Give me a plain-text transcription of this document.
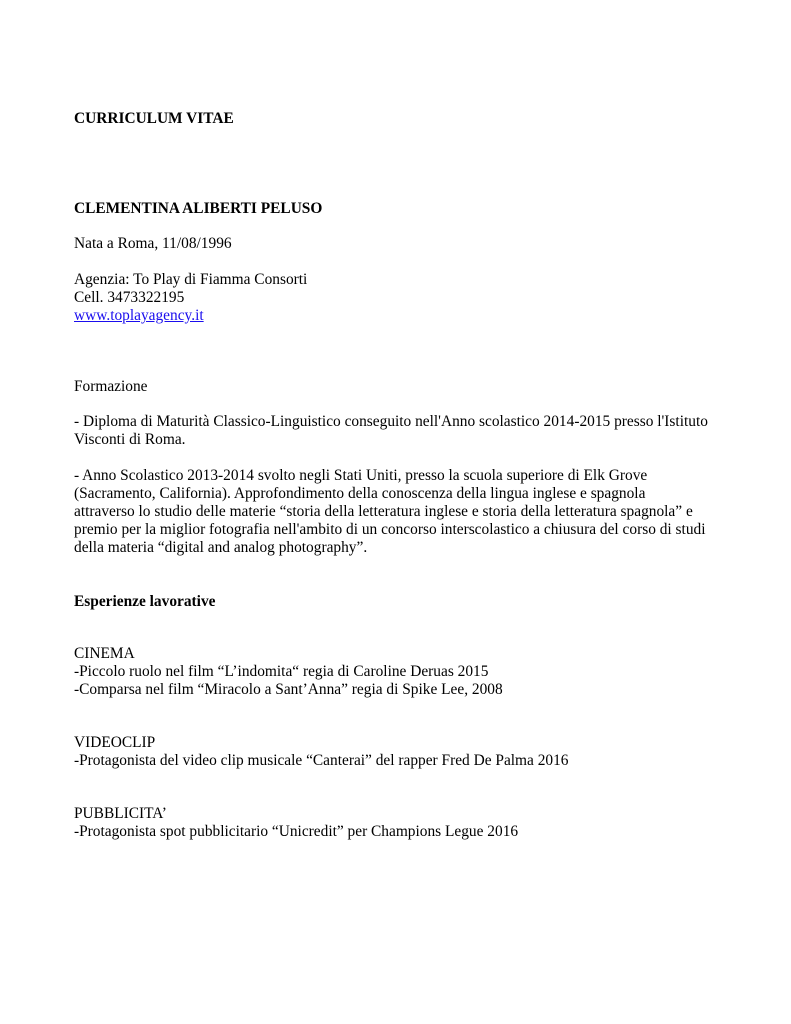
CURRICULUM VITAE
CLEMENTINA ALIBERTI PELUSO
Nata a Roma, 11/08/1996
Agenzia: To Play di Fiamma Consorti
Cell. 3473322195
www.toplayagency.it
Formazione
- Diploma di Maturità Classico-Linguistico conseguito nell'Anno scolastico 2014-2015 presso l'Istituto
Visconti di Roma.
- Anno Scolastico 2013-2014 svolto negli Stati Uniti, presso la scuola superiore di Elk Grove
(Sacramento, California). Approfondimento della conoscenza della lingua inglese e spagnola
attraverso lo studio delle materie “storia della letteratura inglese e storia della letteratura spagnola” e
premio per la miglior fotografia nell'ambito di un concorso interscolastico a chiusura del corso di studi
della materia “digital and analog photography”.
Esperienze lavorative
CINEMA
-Piccolo ruolo nel film “L’indomita“ regia di Caroline Deruas 2015
-Comparsa nel film “Miracolo a Sant’Anna” regia di Spike Lee, 2008
VIDEOCLIP
-Protagonista del video clip musicale “Canterai” del rapper Fred De Palma 2016
PUBBLICITA’
-Protagonista spot pubblicitario “Unicredit” per Champions Legue 2016
